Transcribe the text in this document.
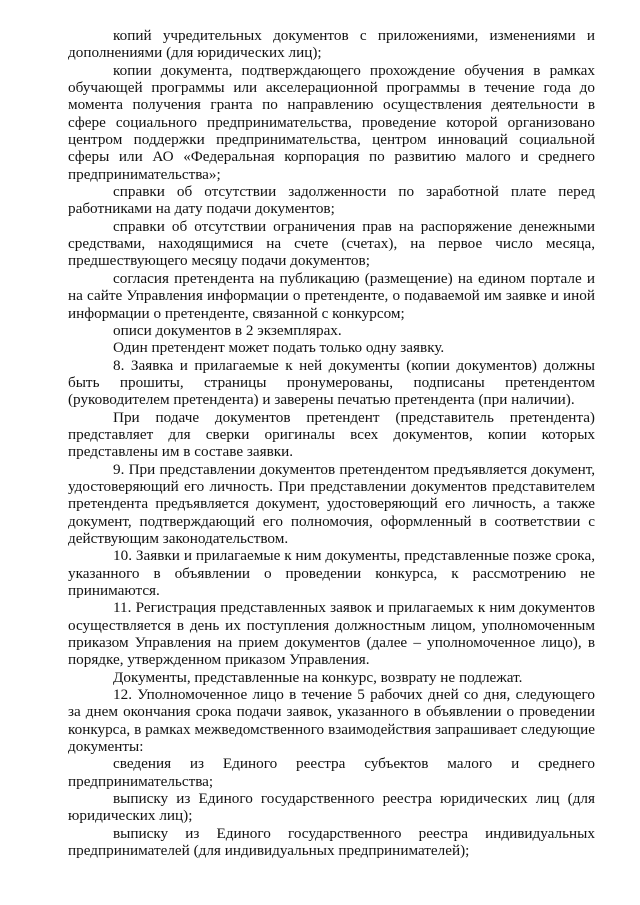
копий учредительных документов с приложениями, изменениями и дополнениями (для юридических лиц);

копии документа, подтверждающего прохождение обучения в рамках обучающей программы или акселерационной программы в течение года до момента получения гранта по направлению осуществления деятельности в сфере социального предпринимательства, проведение которой организовано центром поддержки предпринимательства, центром инноваций социальной сферы или АО «Федеральная корпорация по развитию малого и среднего предпринимательства»;

справки об отсутствии задолженности по заработной плате перед работниками на дату подачи документов;

справки об отсутствии ограничения прав на распоряжение денежными средствами, находящимися на счете (счетах), на первое число месяца, предшествующего месяцу подачи документов;

согласия претендента на публикацию (размещение) на едином портале и на сайте Управления информации о претенденте, о подаваемой им заявке и иной информации о претенденте, связанной с конкурсом;

описи документов в 2 экземплярах.

Один претендент может подать только одну заявку.

8. Заявка и прилагаемые к ней документы (копии документов) должны быть прошиты, страницы пронумерованы, подписаны претендентом (руководителем претендента) и заверены печатью претендента (при наличии).

При подаче документов претендент (представитель претендента) представляет для сверки оригиналы всех документов, копии которых представлены им в составе заявки.

9. При представлении документов претендентом предъявляется документ, удостоверяющий его личность. При представлении документов представителем претендента предъявляется документ, удостоверяющий его личность, а также документ, подтверждающий его полномочия, оформленный в соответствии с действующим законодательством.

10. Заявки и прилагаемые к ним документы, представленные позже срока, указанного в объявлении о проведении конкурса, к рассмотрению не принимаются.

11. Регистрация представленных заявок и прилагаемых к ним документов осуществляется в день их поступления должностным лицом, уполномоченным приказом Управления на прием документов (далее – уполномоченное лицо), в порядке, утвержденном приказом Управления.

Документы, представленные на конкурс, возврату не подлежат.

12. Уполномоченное лицо в течение 5 рабочих дней со дня, следующего за днем окончания срока подачи заявок, указанного в объявлении о проведении конкурса, в рамках межведомственного взаимодействия запрашивает следующие документы:

сведения из Единого реестра субъектов малого и среднего предпринимательства;

выписку из Единого государственного реестра юридических лиц (для юридических лиц);

выписку из Единого государственного реестра индивидуальных предпринимателей (для индивидуальных предпринимателей);
